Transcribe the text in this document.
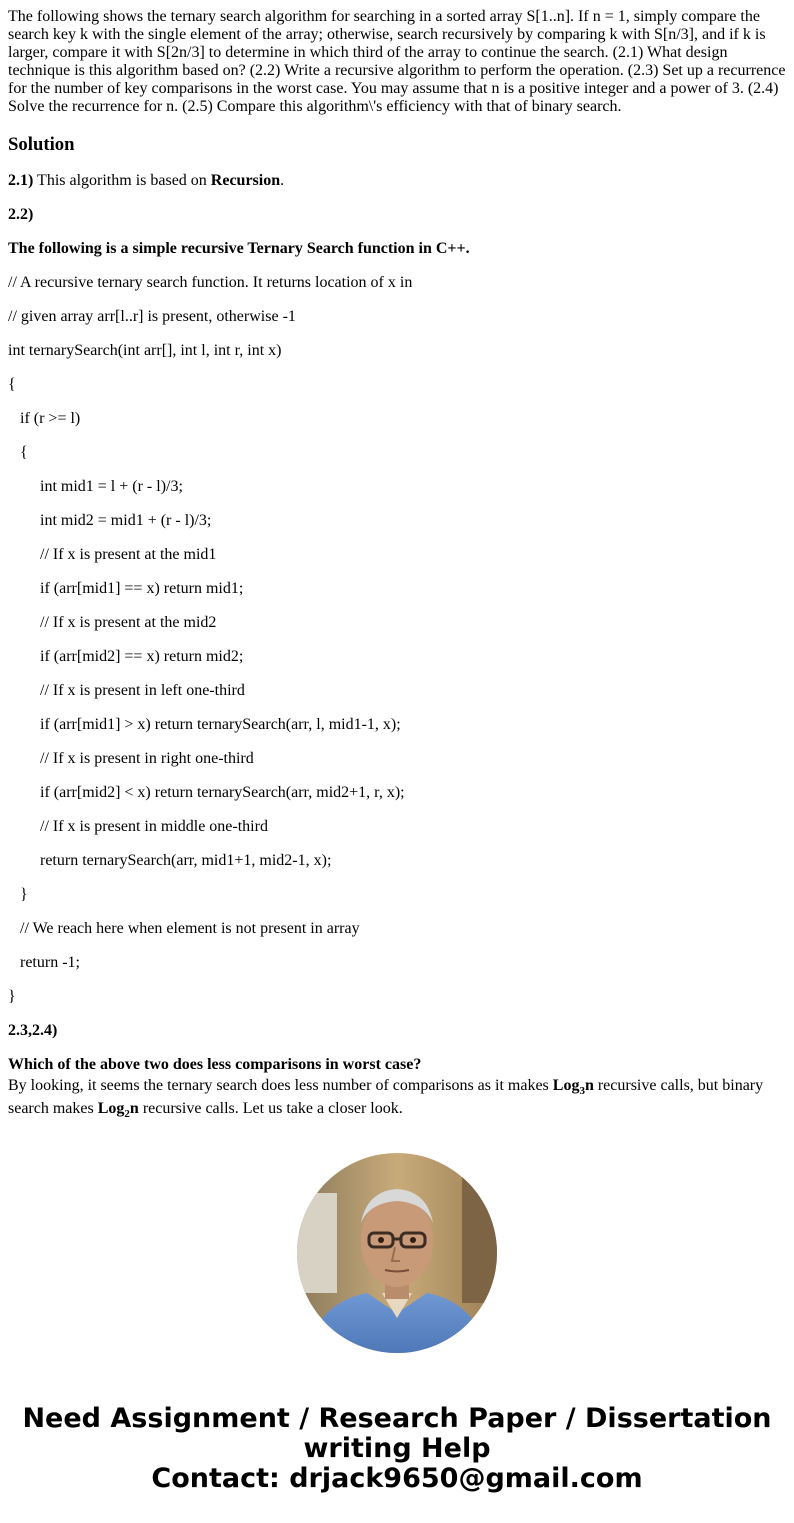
The following shows the ternary search algorithm for searching in a sorted array S[1..n]. If n = 1, simply compare the search key k with the single element of the array; otherwise, search recursively by comparing k with S[n/3], and if k is larger, compare it with S[2n/3] to determine in which third of the array to continue the search. (2.1) What design technique is this algorithm based on? (2.2) Write a recursive algorithm to perform the operation. (2.3) Set up a recurrence for the number of key comparisons in the worst case. You may assume that n is a positive integer and a power of 3. (2.4) Solve the recurrence for n. (2.5) Compare this algorithm\'s efficiency with that of binary search.
Solution

2.1) This algorithm is based on Recursion.

2.2)

The following is a simple recursive Ternary Search function in C++.

// A recursive ternary search function. It returns location of x in
// given array arr[l..r] is present, otherwise -1
int ternarySearch(int arr[], int l, int r, int x)
{
if (r >= l)
{
int mid1 = l + (r - l)/3;
int mid2 = mid1 + (r - l)/3;
// If x is present at the mid1
if (arr[mid1] == x) return mid1;
// If x is present at the mid2
if (arr[mid2] == x) return mid2;
// If x is present in left one-third
if (arr[mid1] > x) return ternarySearch(arr, l, mid1-1, x);
// If x is present in right one-third
if (arr[mid2] < x) return ternarySearch(arr, mid2+1, r, x);
// If x is present in middle one-third
return ternarySearch(arr, mid1+1, mid2-1, x);
}
// We reach here when element is not present in array
return -1;
}

2.3,2.4)

Which of the above two does less comparisons in worst case?
By looking, it seems the ternary search does less number of comparisons as it makes Log$_3$n recursive calls, but binary search makes Log$_2$n recursive calls. Let us take a closer look.
Need Assignment / Research Paper / Dissertation
writing Help
Contact: drjack9650@gmail.com
